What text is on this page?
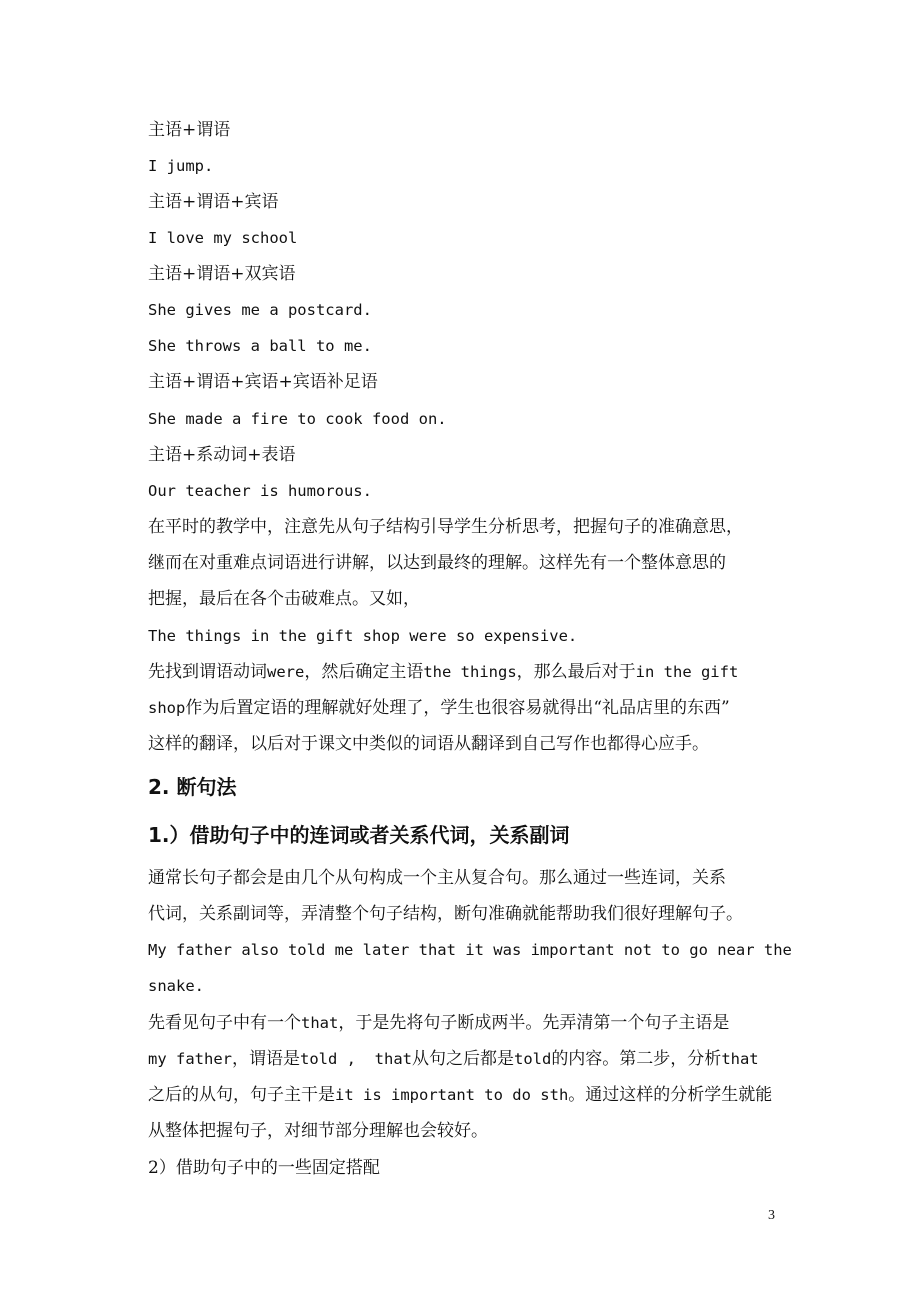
主语+谓语
I jump.
主语+谓语+宾语
I love my school
主语+谓语+双宾语
She gives me a postcard.
She throws a ball to me.
主语+谓语+宾语+宾语补足语
She made a fire to cook food on.
主语+系动词+表语
Our teacher is humorous.
在平时的教学中，注意先从句子结构引导学生分析思考，把握句子的准确意思，
继而在对重难点词语进行讲解，以达到最终的理解。这样先有一个整体意思的
把握，最后在各个击破难点。又如，
The things in the gift shop were so expensive.
先找到谓语动词were，然后确定主语the things，那么最后对于in the gift
shop作为后置定语的理解就好处理了，学生也很容易就得出“礼品店里的东西”
这样的翻译，以后对于课文中类似的词语从翻译到自己写作也都得心应手。
2. 断句法
1.）借助句子中的连词或者关系代词，关系副词
通常长句子都会是由几个从句构成一个主从复合句。那么通过一些连词，关系
代词，关系副词等，弄清整个句子结构，断句准确就能帮助我们很好理解句子。
My father also told me later that it was important not to go near the
snake.
先看见句子中有一个that，于是先将句子断成两半。先弄清第一个句子主语是
my father，谓语是told ,  that从句之后都是told的内容。第二步，分析that
之后的从句，句子主干是it is important to do sth。通过这样的分析学生就能
从整体把握句子，对细节部分理解也会较好。
2）借助句子中的一些固定搭配
3
